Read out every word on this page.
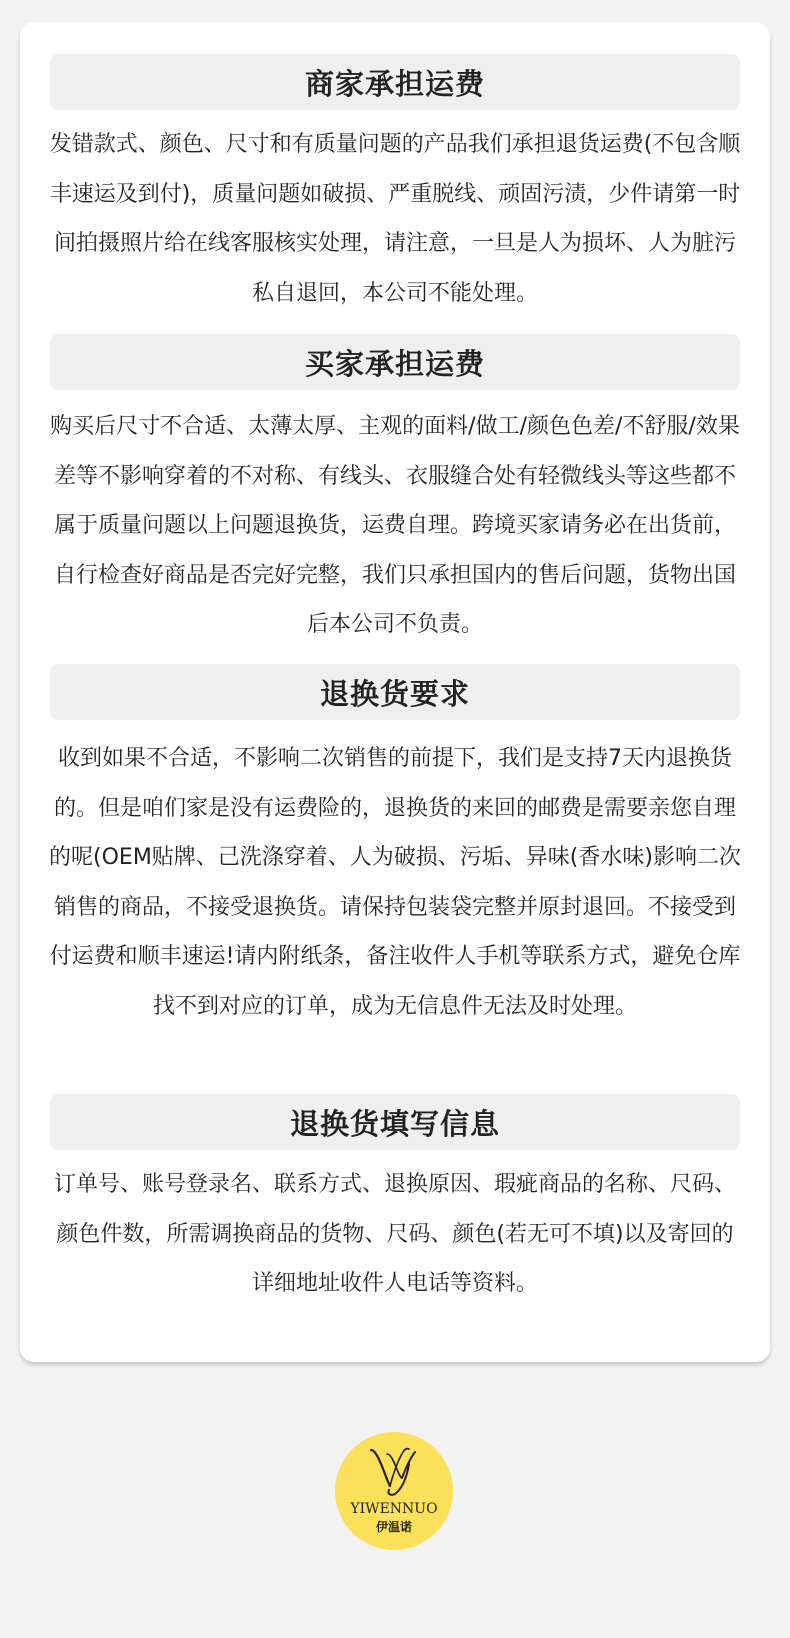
商家承担运费
发错款式、颜色、尺寸和有质量问题的产品我们承担退货运费(不包含顺丰速运及到付)，质量问题如破损、严重脱线、顽固污渍，少件请第一时间拍摄照片给在线客服核实处理，请注意，一旦是人为损坏、人为脏污私自退回，本公司不能处理。
买家承担运费
购买后尺寸不合适、太薄太厚、主观的面料/做工/颜色色差/不舒服/效果差等不影响穿着的不对称、有线头、衣服缝合处有轻微线头等这些都不属于质量问题以上问题退换货，运费自理。跨境买家请务必在出货前，自行检查好商品是否完好完整，我们只承担国内的售后问题，货物出国后本公司不负责。
退换货要求
收到如果不合适，不影响二次销售的前提下，我们是支持7天内退换货的。但是咱们家是没有运费险的，退换货的来回的邮费是需要亲您自理的呢(OEM贴牌、己洗涤穿着、人为破损、污垢、异味(香水味)影响二次销售的商品，不接受退换货。请保持包装袋完整并原封退回。不接受到付运费和顺丰速运!请内附纸条，备注收件人手机等联系方式，避免仓库找不到对应的订单，成为无信息件无法及时处理。
退换货填写信息
订单号、账号登录名、联系方式、退换原因、瑕疵商品的名称、尺码、颜色件数，所需调换商品的货物、尺码、颜色(若无可不填)以及寄回的详细地址收件人电话等资料。
YIWENNUO
伊温诺
